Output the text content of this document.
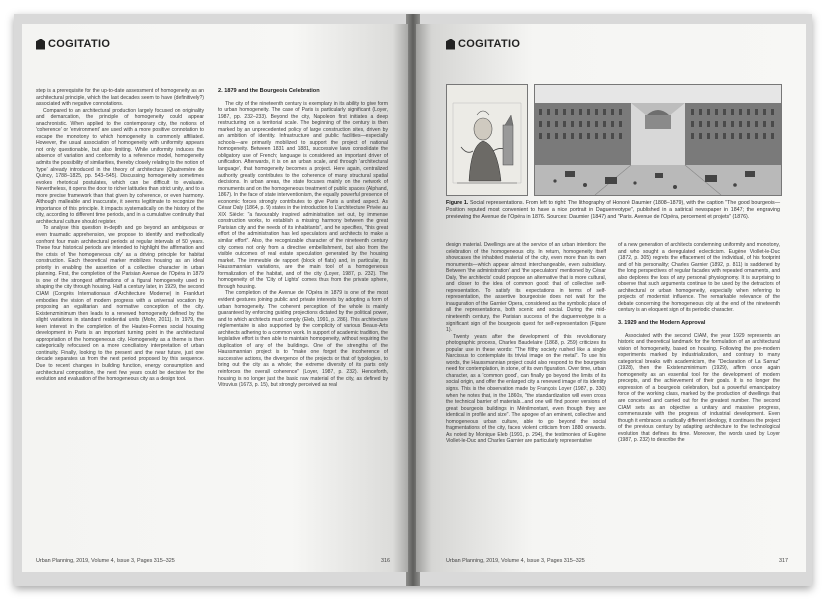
COGITATIO

step is a prerequisite for the up-to-date assessment of homogeneity as an architectural principle, which the last decades seem to have (definitively?) associated with negative connotations.

Compared to an architectural production largely focused on originality and demarcation, the principle of homogeneity could appear anachronistic. When applied to the contemporary city, the notions of 'coherence' or 'environment' are used with a more positive connotation to escape the monotony to which homogeneity is commonly affiliated. However, the usual association of homogeneity with uniformity appears not only questionable, but also limiting. While uniformity induces the absence of variation and conformity to a reference model, homogeneity admits the possibility of similarities, thereby closely relating to the notion of 'type' already introduced in the theory of architecture (Quatremère de Quincy, 1788–1825, pp. 543–545). Discussing homogeneity sometimes evokes rhetorical postulates, which can be difficult to evaluate. Nevertheless, it opens the door to richer latitudes than strict unity, and to a more precise framework than that given by coherence, or even harmony. Although malleable and inaccurate, it seems legitimate to recognize the importance of this principle. It impacts systematically on the history of the city, according to different time periods, and in a cumulative continuity that architectural culture should register.

To analyse this question in-depth and go beyond an ambiguous or even traumatic apprehension, we propose to identify and methodically confront four main architectural periods at regular intervals of 50 years. These four historical periods are intended to highlight the affirmation and the crisis of 'the homogeneous city' as a driving principle for habitat construction. Each theoretical marker mobilizes housing as an ideal priority in enabling the assertion of a collective character in urban planning. First, the completion of the Parisian Avenue de l'Opéra in 1879 is one of the strongest affirmations of a figural homogeneity used in shaping the city through housing. Half a century later, in 1929, the second CIAM (Congrès Internationaux d'Architecture Moderne) in Frankfurt embodies the vision of modern progress with a universal vocation by proposing an egalitarian and normative conception of the city. Existenzminimum then leads to a renewed homogeneity defined by the slight variations in standard residential units (Mohr, 2011). In 1979, the keen interest in the completion of the Hautes-Formes social housing development in Paris is an important turning point in the architectural appropriation of the homogeneous city. Homogeneity as a theme is then categorically refocused on a more conciliatory interpretation of urban continuity. Finally, looking to the present and the near future, just one decade separates us from the next period proposed by this sequence. Due to recent changes in building function, energy consumption and architectural composition, the next few years could be decisive for the evolution and evaluation of the homogeneous city as a design tool.

2. 1879 and the Bourgeois Celebration

The city of the nineteenth century is exemplary in its ability to give form to urban homogeneity. The case of Paris is particularly significant (Loyer, 1987, pp. 232–233). Beyond the city, Napoleon first initiates a deep restructuring on a territorial scale. The beginning of the century is then marked by an unprecedented policy of large construction sites, driven by an ambition of identity. Infrastructure and public facilities—especially schools—are primarily mobilized to support the project of national homogeneity. Between 1831 and 1881, successive laws consolidate the obligatory use of French; language is considered an important driver of unification. Afterwards, it is on an urban scale, and through 'architectural language', that homogeneity becomes a project. Here again, centralized authority greatly contributes to the coherence of many structural spatial decisions. In urban areas, the state focuses mainly on the network of monuments and on the homogeneous treatment of public spaces (Alphand, 1867). In the face of state interventionism, the equally powerful presence of economic forces strongly contributes to give Paris a united aspect. As César Daly (1864, p. 9) states in the introduction to L'architecture Privée au XIX Siècle: "a favourably inspired administration set out, by immense construction works, to establish a missing harmony between the great Parisian city and the needs of its inhabitants", and he specifies, "this great effort of the administration has led speculators and architects to make a similar effort". Also, the recognizable character of the nineteenth century city comes not only from a directive embellishment, but also from the visible outcomes of real estate speculation generated by the housing market. The immeuble de rapport (block of flats) and, in particular, its Haussmannian variations, are the main tool of a homogeneous formalization of the habitat, and of the city (Loyer, 1987, p. 232). The homogeneity of the 'City of Lights' comes thus from the private sphere, through housing.

The completion of the Avenue de l'Opéra in 1879 is one of the most evident gestures joining public and private interests by adopting a form of urban homogeneity. The coherent perception of the whole is mainly guaranteed by enforcing guiding projections dictated by the political power, and to which architects must comply (Eleb, 1991, p. 286). This architecture réglementaire is also supported by the complicity of various Beaux-Arts architects adhering to a common work. In support of academic tradition, the legislative effort is then able to maintain homogeneity, without requiring the duplication of any of the buildings. One of the strengths of the Haussmannian project is to "make one forget the incoherence of successive actions, the divergence of the projects or that of typologies, to bring out the city as a whole; the extreme diversity of its parts only reinforces the overall coherence" (Loyer, 1987, p. 232). Henceforth, housing is no longer just the basic raw material of the city, as defined by Vitruvius (1673, p. 15), but strongly perceived as real

Urban Planning, 2019, Volume 4, Issue 3, Pages 315–325	316
COGITATIO
Figure 1. Social representations. From left to right: The lithography of Honoré Daumier (1808–1879), with the caption "The good bourgeois—Position reputed most convenient to have a nice portrait in Daguerreotype", published in a satirical newspaper in 1847; the engraving previewing the Avenue de l'Opéra in 1876. Sources: Daumier (1847) and "Paris. Avenue de l'Opéra, percement et projets" (1876).

design material. Dwellings are at the service of an urban intention: the celebration of the homogeneous city. In return, homogeneity itself showcases the inhabited material of the city, even more than its own monuments—which appear almost interchangeable, even subsidiary. Between 'the administration' and 'the speculators' mentioned by César Daly, 'the architects' could propose an alternative that is more cultural, and closer to the idea of common good: that of collective self-representation. To satisfy its expectations in terms of self-representation, the assertive bourgeoisie does not wait for the inauguration of the Garnier Opera, considered as the symbolic place of all the representations, both scenic and social. During the mid-nineteenth century, the Parisian success of the daguerreotype is a significant sign of the bourgeois quest for self-representation (Figure 1).

Twenty years after the development of this revolutionary photographic process, Charles Baudelaire (1868, p. 259) criticizes its popular use in these words: "The filthy society rushed like a single Narcissus to contemplate its trivial image on the metal". To use his words, the Haussmannian project could also respond to the bourgeois need for contemplation, in stone, of its own figuration. Over time, urban character, as a 'common good', can finally go beyond the limits of its social origin, and offer the enlarged city a renewed image of its identity signs. This is the observation made by François Loyer (1987, p. 330) when he notes that, in the 1860s, "the standardization will even cross the technical barrier of materials...and one will find poorer versions of great bourgeois buildings in Ménilmontant, even though they are identical in profile and size". The apogee of an eminent, collective and homogeneous urban culture, able to go beyond the social fragmentations of the city, faces violent criticism from 1880 onwards. As noted by Monique Eleb (1991, p. 294), the testimonies of Eugène Viollet-le-Duc and Charles Garnier are particularly representative

of a new generation of architects condemning uniformity and monotony, and who sought a deregulated eclecticism. Eugène Viollet-le-Duc (1872, p. 305) regrets the effacement of the individual, of his footprint and of his personality; Charles Garnier (1892, p. 811) is saddened by the long perspectives of regular facades with repeated ornaments, and also deplores the loss of any personal physiognomy. It is surprising to observe that such arguments continue to be used by the detractors of architectural or urban homogeneity, especially when referring to projects of modernist influence. The remarkable relevance of the debate concerning the homogeneous city at the end of the nineteenth century is an eloquent sign of its periodic character.

3. 1929 and the Modern Approval

Associated with the second CIAM, the year 1929 represents an historic and theoretical landmark for the formulation of an architectural vision of homogeneity, based on housing. Following the pre-modern experiments marked by industrialization, and contrary to many categorical breaks with academicism, the "Declaration of La Sarraz" (1928), then the Existenzminimum (1929), affirm once again homogeneity as an essential tool for the development of modern precepts, and the achievement of their goals. It is no longer the expression of a bourgeois celebration, but a powerful emancipatory force of the working class, marked by the production of dwellings that are conceived and carried out for the greatest number. The second CIAM sets as an objective a unitary and massive progress, commensurate with the progress of industrial development. Even though it embraces a radically different ideology, it continues the project of the previous century by adapting architecture to the technological evolution that defines its time. Moreover, the words used by Loyer (1987, p. 232) to describe the

Urban Planning, 2019, Volume 4, Issue 3, Pages 315–325	317
